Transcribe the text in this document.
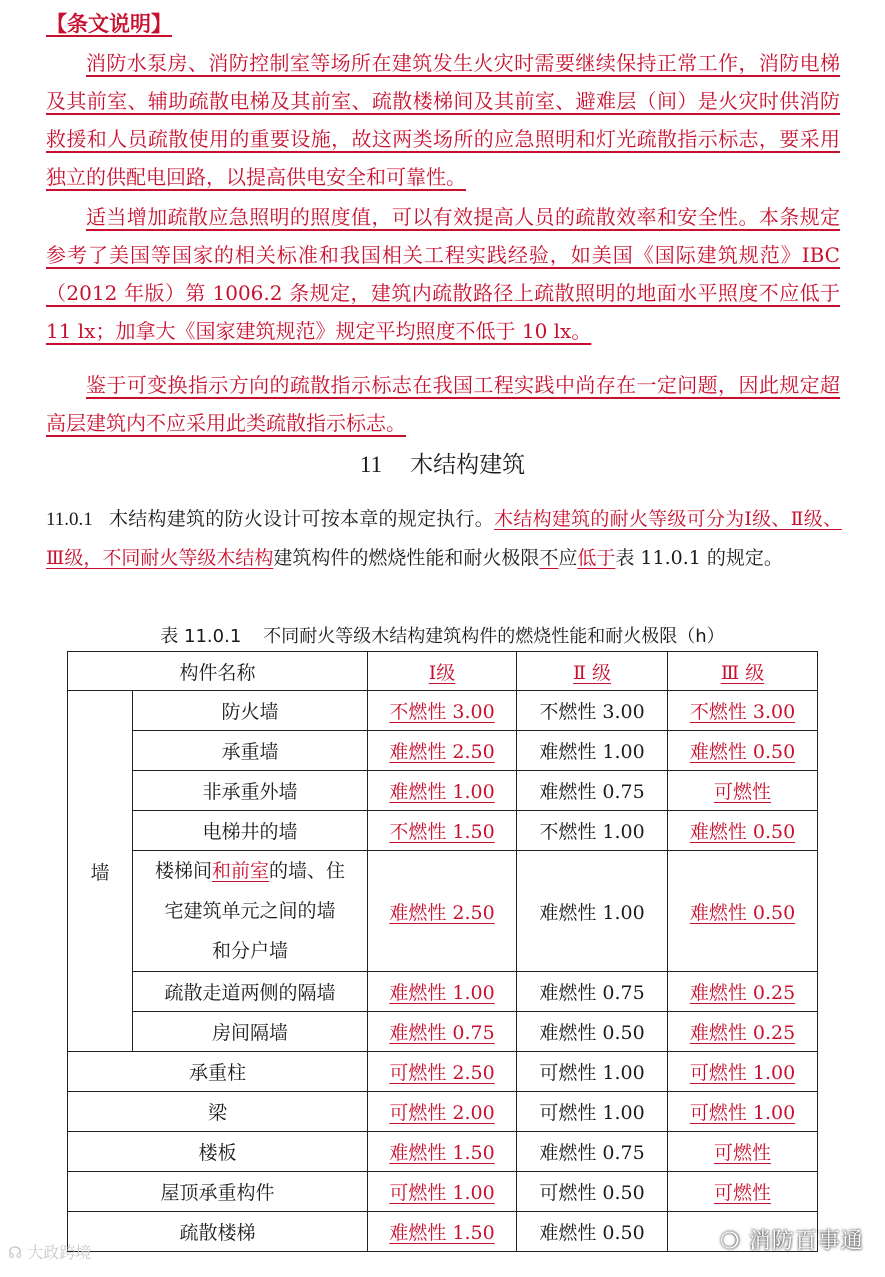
【条文说明】

消防水泵房、消防控制室等场所在建筑发生火灾时需要继续保持正常工作，消防电梯及其前室、辅助疏散电梯及其前室、疏散楼梯间及其前室、避难层（间）是火灾时供消防救援和人员疏散使用的重要设施，故这两类场所的应急照明和灯光疏散指示标志，要采用独立的供配电回路，以提高供电安全和可靠性。

适当增加疏散应急照明的照度值，可以有效提高人员的疏散效率和安全性。本条规定参考了美国等国家的相关标准和我国相关工程实践经验，如美国《国际建筑规范》IBC（2012 年版）第 1006.2 条规定，建筑内疏散路径上疏散照明的地面水平照度不应低于 11 lx；加拿大《国家建筑规范》规定平均照度不低于 10 lx。

鉴于可变换指示方向的疏散指示标志在我国工程实践中尚存在一定问题，因此规定超高层建筑内不应采用此类疏散指示标志。

11 木结构建筑

11.0.1 木结构建筑的防火设计可按本章的规定执行。木结构建筑的耐火等级可分为Ⅰ级、Ⅱ级、Ⅲ级，不同耐火等级木结构建筑构件的燃烧性能和耐火极限不应低于表 11.0.1 的规定。

表 11.0.1 不同耐火等级木结构建筑构件的燃烧性能和耐火极限（h）
构件名称		Ⅰ级	Ⅱ 级	Ⅲ 级
墙	防火墙	不燃性 3.00	不燃性 3.00	不燃性 3.00
	承重墙	难燃性 2.50	难燃性 1.00	难燃性 0.50
	非承重外墙	难燃性 1.00	难燃性 0.75	可燃性
	电梯井的墙	不燃性 1.50	不燃性 1.00	难燃性 0.50
	楼梯间和前室的墙、住
宅建筑单元之间的墙
和分户墙	难燃性 2.50	难燃性 1.00	难燃性 0.50
	疏散走道两侧的隔墙	难燃性 1.00	难燃性 0.75	难燃性 0.25
	房间隔墙	难燃性 0.75	难燃性 0.50	难燃性 0.25
承重柱		可燃性 2.50	可燃性 1.00	可燃性 1.00
梁		可燃性 2.00	可燃性 1.00	可燃性 1.00
楼板		难燃性 1.50	难燃性 0.75	可燃性
屋顶承重构件		可燃性 1.00	可燃性 0.50	可燃性
疏散楼梯		难燃性 1.50	难燃性 0.50	
☊ 大政跨境	❍ 消防百事通
